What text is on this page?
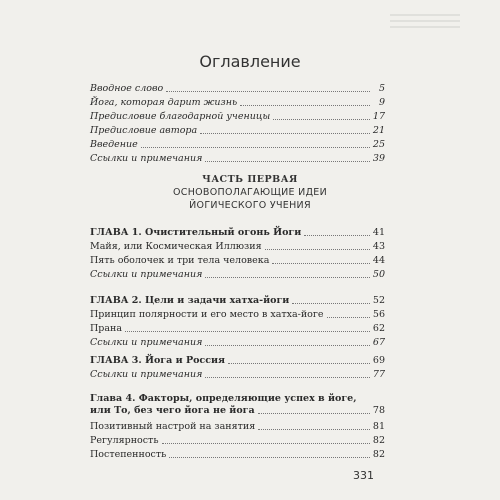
Оглавление
Вводное слово	5
Йога, которая дарит жизнь	9
Предисловие благодарной ученицы	17
Предисловие автора	21
Введение	25
Ссылки и примечания	39
ЧАСТЬ ПЕРВАЯ
ОСНОВОПОЛАГАЮЩИЕ ИДЕИ
ЙОГИЧЕСКОГО УЧЕНИЯ
ГЛАВА 1. Очистительный огонь Йоги	41
Майя, или Космическая Иллюзия	43
Пять оболочек и три тела человека	44
Ссылки и примечания	50
ГЛАВА 2. Цели и задачи хатха-йоги	52
Принцип полярности и его место в хатха-йоге	56
Прана	62
Ссылки и примечания	67
ГЛАВА 3. Йога и Россия	69
Ссылки и примечания	77
Глава 4. Факторы, определяющие успех в йоге,
или То, без чего йога не йога	78
Позитивный настрой на занятия	81
Регулярность	82
Постепенность	82
331
